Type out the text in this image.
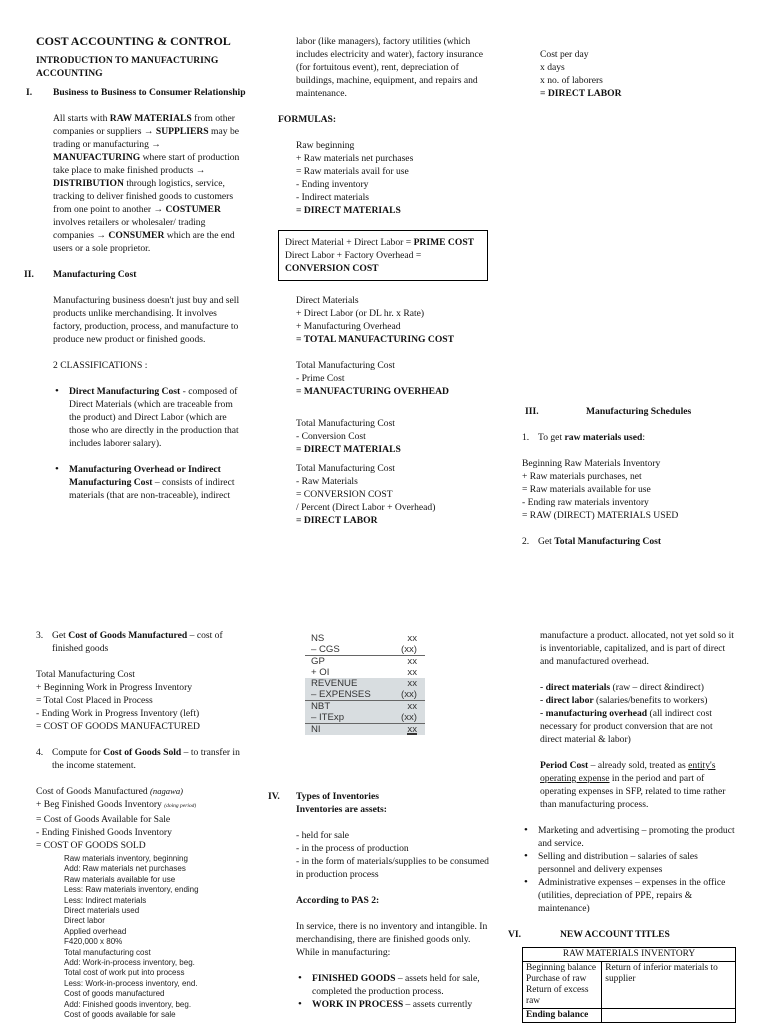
COST ACCOUNTING & CONTROL

INTRODUCTION TO MANUFACTURING ACCOUNTING

I. Business to Business to Consumer Relationship

All starts with RAW MATERIALS from other companies or suppliers → SUPPLIERS may be trading or manufacturing → MANUFACTURING where start of production take place to make finished products → DISTRIBUTION through logistics, service, tracking to deliver finished goods to customers from one point to another → COSTUMER involves retailers or wholesaler/ trading companies → CONSUMER which are the end users or a sole proprietor.

II. Manufacturing Cost

Manufacturing business doesn't just buy and sell products unlike merchandising. It involves factory, production, process, and manufacture to produce new product or finished goods.

2 CLASSIFICATIONS :

• Direct Manufacturing Cost - composed of Direct Materials (which are traceable from the product) and Direct Labor (which are those who are directly in the production that includes laborer salary).

• Manufacturing Overhead or Indirect Manufacturing Cost – consists of indirect materials (that are non-traceable), indirect

labor (like managers), factory utilities (which includes electricity and water), factory insurance (for fortuitous event), rent, depreciation of buildings, machine, equipment, and repairs and maintenance.

FORMULAS:

Raw beginning

+ Raw materials net purchases

= Raw materials avail for use

- Ending inventory

- Indirect materials

= DIRECT MATERIALS

Direct Material + Direct Labor = PRIME COST

Direct Labor + Factory Overhead =

CONVERSION COST

Direct Materials

+ Direct Labor (or DL hr. x Rate)

+ Manufacturing Overhead

= TOTAL MANUFACTURING COST

Total Manufacturing Cost

- Prime Cost

= MANUFACTURING OVERHEAD

Total Manufacturing Cost

- Conversion Cost

= DIRECT MATERIALS

Total Manufacturing Cost

- Raw Materials

= CONVERSION COST

/ Percent (Direct Labor + Overhead)

= DIRECT LABOR

Cost per day

x days

x no. of laborers

= DIRECT LABOR

III.	Manufacturing Schedules

1. To get raw materials used:

Beginning Raw Materials Inventory

+ Raw materials purchases, net

= Raw materials available for use

- Ending raw materials inventory

= RAW (DIRECT) MATERIALS USED

2. Get Total Manufacturing Cost

3. Get Cost of Goods Manufactured – cost of finished goods

Total Manufacturing Cost

+ Beginning Work in Progress Inventory

= Total Cost Placed in Process

- Ending Work in Progress Inventory (left)

= COST OF GOODS MANUFACTURED

4. Compute for Cost of Goods Sold – to transfer in the income statement.

Cost of Goods Manufactured (nagawa)

+ Beg Finished Goods Inventory (doing period)

= Cost of Goods Available for Sale

- Ending Finished Goods Inventory

= COST OF GOODS SOLD

Raw materials inventory, beginning

Add: Raw materials net purchases

Raw materials available for use

Less: Raw materials inventory, ending

Less: Indirect materials

Direct materials used

Direct labor

Applied overhead

F420,000 x 80%

Total manufacturing cost

Add: Work-in-process inventory, beg.

Total cost of work put into process

Less: Work-in-process inventory, end.

Cost of goods manufactured

Add: Finished goods inventory, beg.

Cost of goods available for sale

NS	xx
– CGS	(xx)
GP	xx
+ OI	xx
REVENUE	xx
– EXPENSES	(xx)
NBT	xx
– ITExp	(xx)
NI	xx
IV. Types of Inventories

Inventories are assets:

- held for sale

- in the process of production

- in the form of materials/supplies to be consumed in production process

According to PAS 2:

In service, there is no inventory and intangible. In merchandising, there are finished goods only. While in manufacturing:

• FINISHED GOODS – assets held for sale, completed the production process.

• WORK IN PROCESS – assets currently

manufacture a product. allocated, not yet sold so it is inventoriable, capitalized, and is part of direct and manufactured overhead.

- direct materials (raw – direct &indirect)

- direct labor (salaries/benefits to workers)

- manufacturing overhead (all indirect cost necessary for product conversion that are not direct material & labor)

Period Cost – already sold, treated as entity's operating expense in the period and part of operating expenses in SFP, related to time rather than manufacturing process.

• Marketing and advertising – promoting the product and service.

• Selling and distribution – salaries of sales personnel and delivery expenses

• Administrative expenses – expenses in the office (utilities, depreciation of PPE, repairs & maintenance)

VI.	NEW ACCOUNT TITLES

RAW MATERIALS INVENTORY	

Beginning balance

Purchase of raw

Return of excess raw	Return of inferior materials to supplier

Ending balance	
